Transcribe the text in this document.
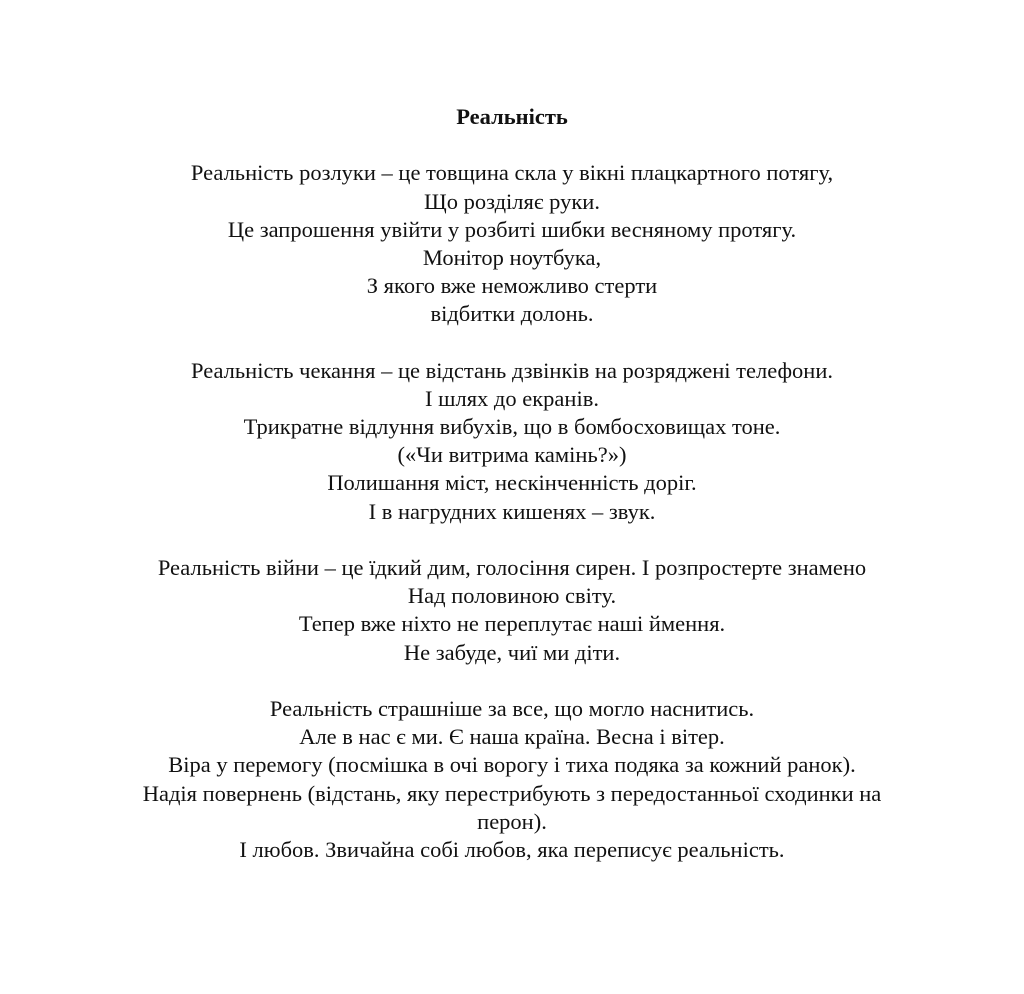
Реальність
Реальність розлуки – це товщина скла у вікні плацкартного потягу,
Що розділяє руки.
Це запрошення увійти у розбиті шибки весняному протягу.
Монітор ноутбука,
З якого вже неможливо стерти
відбитки долонь.
Реальність чекання – це відстань дзвінків на розряджені телефони.
І шлях до екранів.
Трикратне відлуння вибухів, що в бомбосховищах тоне.
(«Чи витрима камінь?»)
Полишання міст, нескінченність доріг.
І в нагрудних кишенях – звук.
Реальність війни – це їдкий дим, голосіння сирен. І розпростерте знамено
Над половиною світу.
Тепер вже ніхто не переплутає наші ймення.
Не забуде, чиї ми діти.
Реальність страшніше за все, що могло наснитись.
Але в нас є ми. Є наша країна. Весна і вітер.
Віра у перемогу (посмішка в очі ворогу і тиха подяка за кожний ранок).
Надія повернень (відстань, яку перестрибують з передостанньої сходинки на
перон).
І любов. Звичайна собі любов, яка переписує реальність.
